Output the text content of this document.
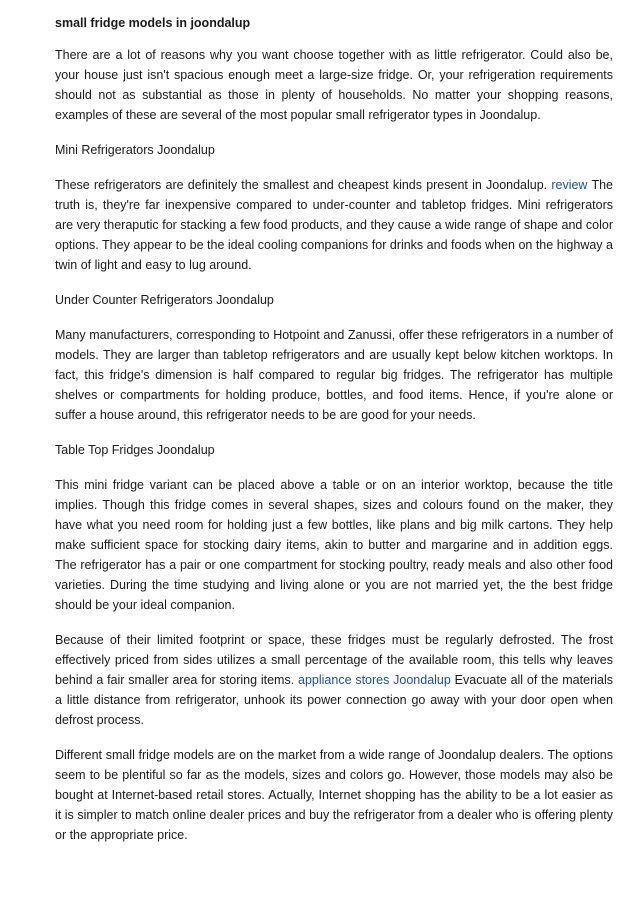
small fridge models in joondalup
There are a lot of reasons why you want choose together with as little refrigerator. Could also be, your house just isn't spacious enough meet a large-size fridge. Or, your refrigeration requirements should not as substantial as those in plenty of households. No matter your shopping reasons, examples of these are several of the most popular small refrigerator types in Joondalup.
Mini Refrigerators Joondalup
These refrigerators are definitely the smallest and cheapest kinds present in Joondalup. review The truth is, they're far inexpensive compared to under-counter and tabletop fridges. Mini refrigerators are very theraputic for stacking a few food products, and they cause a wide range of shape and color options. They appear to be the ideal cooling companions for drinks and foods when on the highway a twin of light and easy to lug around.
Under Counter Refrigerators Joondalup
Many manufacturers, corresponding to Hotpoint and Zanussi, offer these refrigerators in a number of models. They are larger than tabletop refrigerators and are usually kept below kitchen worktops. In fact, this fridge's dimension is half compared to regular big fridges. The refrigerator has multiple shelves or compartments for holding produce, bottles, and food items. Hence, if you're alone or suffer a house around, this refrigerator needs to be are good for your needs.
Table Top Fridges Joondalup
This mini fridge variant can be placed above a table or on an interior worktop, because the title implies. Though this fridge comes in several shapes, sizes and colours found on the maker, they have what you need room for holding just a few bottles, like plans and big milk cartons. They help make sufficient space for stocking dairy items, akin to butter and margarine and in addition eggs. The refrigerator has a pair or one compartment for stocking poultry, ready meals and also other food varieties. During the time studying and living alone or you are not married yet, the the best fridge should be your ideal companion.
Because of their limited footprint or space, these fridges must be regularly defrosted. The frost effectively priced from sides utilizes a small percentage of the available room, this tells why leaves behind a fair smaller area for storing items. appliance stores Joondalup Evacuate all of the materials a little distance from refrigerator, unhook its power connection go away with your door open when defrost process.
Different small fridge models are on the market from a wide range of Joondalup dealers. The options seem to be plentiful so far as the models, sizes and colors go. However, those models may also be bought at Internet-based retail stores. Actually, Internet shopping has the ability to be a lot easier as it is simpler to match online dealer prices and buy the refrigerator from a dealer who is offering plenty or the appropriate price.
